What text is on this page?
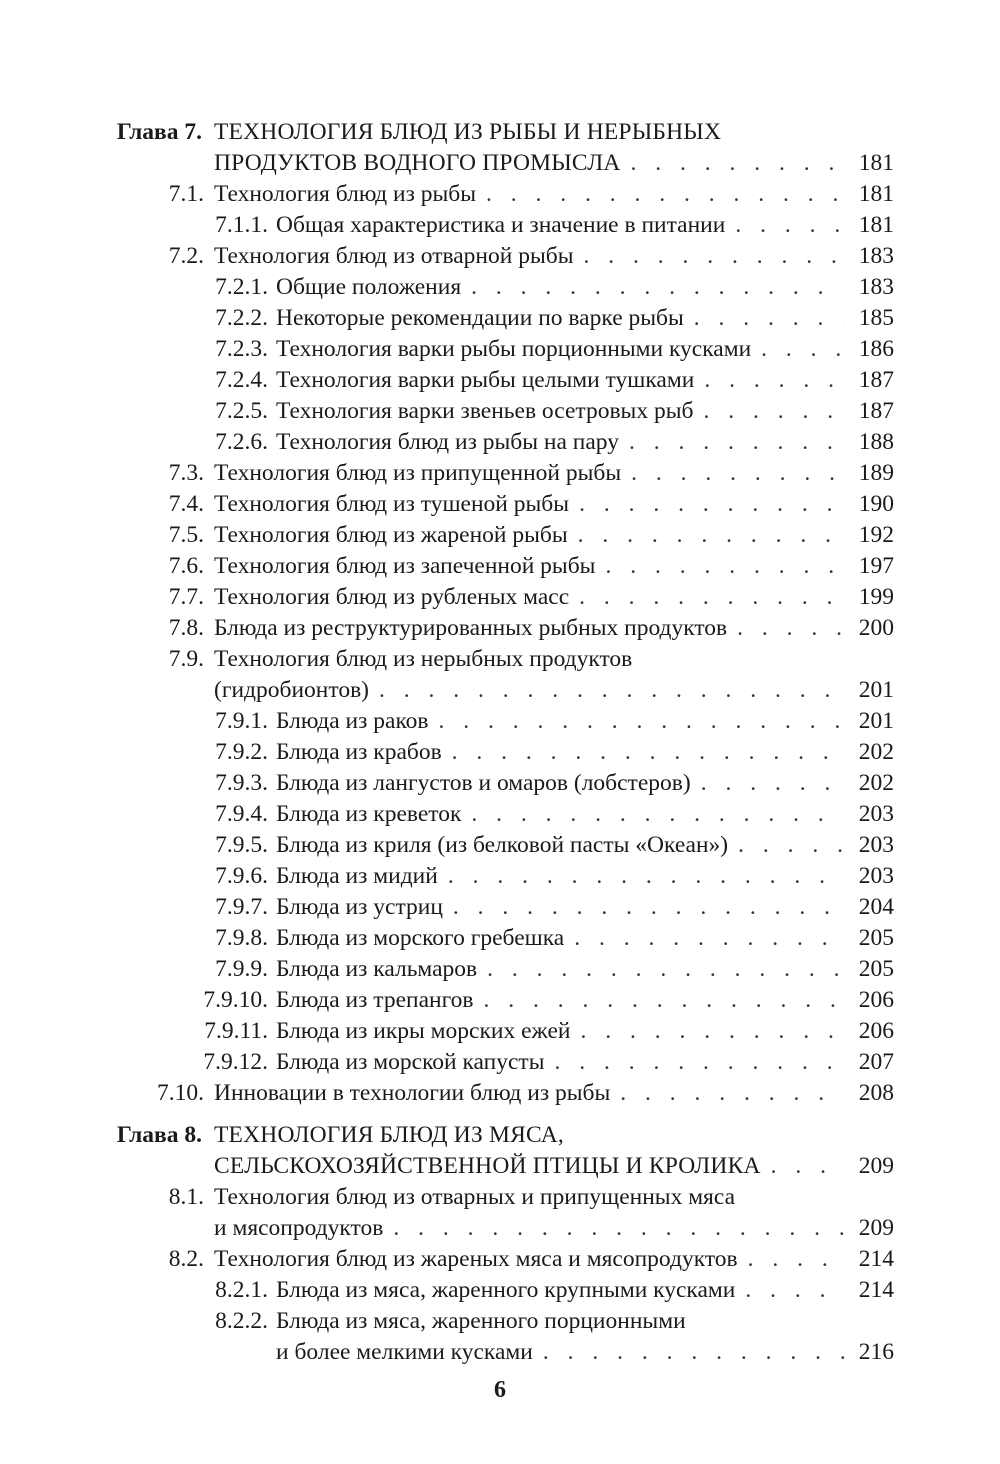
Глава 7. ТЕХНОЛОГИЯ БЛЮД ИЗ РЫБЫ И НЕРЫБНЫХ
ПРОДУКТОВ ВОДНОГО ПРОМЫСЛА . . .	181
7.1. Технология блюд из рыбы . . .	181
7.1.1. Общая характеристика и значение в питании . . .	181
7.2. Технология блюд из отварной рыбы . . .	183
7.2.1. Общие положения . . .	183
7.2.2. Некоторые рекомендации по варке рыбы . . .	185
7.2.3. Технология варки рыбы порционными кусками . . .	186
7.2.4. Технология варки рыбы целыми тушками . . .	187
7.2.5. Технология варки звеньев осетровых рыб . . .	187
7.2.6. Технология блюд из рыбы на пару . . .	188
7.3. Технология блюд из припущенной рыбы . . .	189
7.4. Технология блюд из тушеной рыбы . . .	190
7.5. Технология блюд из жареной рыбы . . .	192
7.6. Технология блюд из запеченной рыбы . . .	197
7.7. Технология блюд из рубленых масс . . .	199
7.8. Блюда из реструктурированных рыбных продуктов . . .	200
7.9. Технология блюд из нерыбных продуктов
(гидробионтов) . . .	201
7.9.1. Блюда из раков . . .	201
7.9.2. Блюда из крабов . . .	202
7.9.3. Блюда из лангустов и омаров (лобстеров) . . .	202
7.9.4. Блюда из креветок . . .	203
7.9.5. Блюда из криля (из белковой пасты «Океан») . . .	203
7.9.6. Блюда из мидий . . .	203
7.9.7. Блюда из устриц . . .	204
7.9.8. Блюда из морского гребешка . . .	205
7.9.9. Блюда из кальмаров . . .	205
7.9.10. Блюда из трепангов . . .	206
7.9.11. Блюда из икры морских ежей . . .	206
7.9.12. Блюда из морской капусты . . .	207
7.10. Инновации в технологии блюд из рыбы . . .	208
Глава 8. ТЕХНОЛОГИЯ БЛЮД ИЗ МЯСА,
СЕЛЬСКОХОЗЯЙСТВЕННОЙ ПТИЦЫ И КРОЛИКА . . .	209
8.1. Технология блюд из отварных и припущенных мяса
и мясопродуктов . . .	209
8.2. Технология блюд из жареных мяса и мясопродуктов . . .	214
8.2.1. Блюда из мяса, жаренного крупными кусками . . .	214
8.2.2. Блюда из мяса, жаренного порционными
и более мелкими кусками . . .	216
6
